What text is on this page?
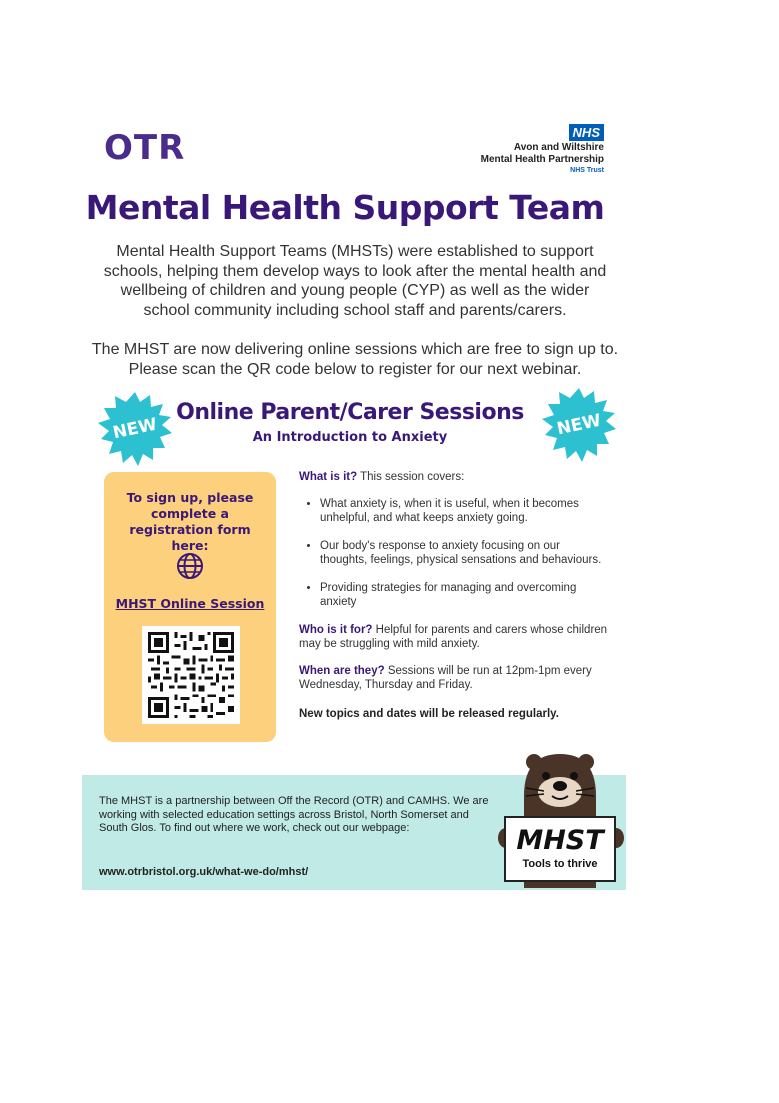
OTR	NHS
Avon and Wiltshire
Mental Health Partnership
NHS Trust
Mental Health Support Team

Mental Health Support Teams (MHSTs) were established to support schools, helping them develop ways to look after the mental health and wellbeing of children and young people (CYP) as well as the wider school community including school staff and parents/carers.

The MHST are now delivering online sessions which are free to sign up to. Please scan the QR code below to register for our next webinar.

NEW	NEW
Online Parent/Carer Sessions
An Introduction to Anxiety
To sign up, please complete a registration form here:
MHST Online Session
What is it? This session covers:
• What anxiety is, when it is useful, when it becomes unhelpful, and what keeps anxiety going.
• Our body's response to anxiety focusing on our thoughts, feelings, physical sensations and behaviours.
• Providing strategies for managing and overcoming anxiety

Who is it for? Helpful for parents and carers whose children may be struggling with mild anxiety.

When are they? Sessions will be run at 12pm-1pm every Wednesday, Thursday and Friday.

New topics and dates will be released regularly.

The MHST is a partnership between Off the Record (OTR) and CAMHS. We are working with selected education settings across Bristol, North Somerset and South Glos. To find out where we work, check out our webpage:

www.otrbristol.org.uk/what-we-do/mhst/
MHST
Tools to thrive
